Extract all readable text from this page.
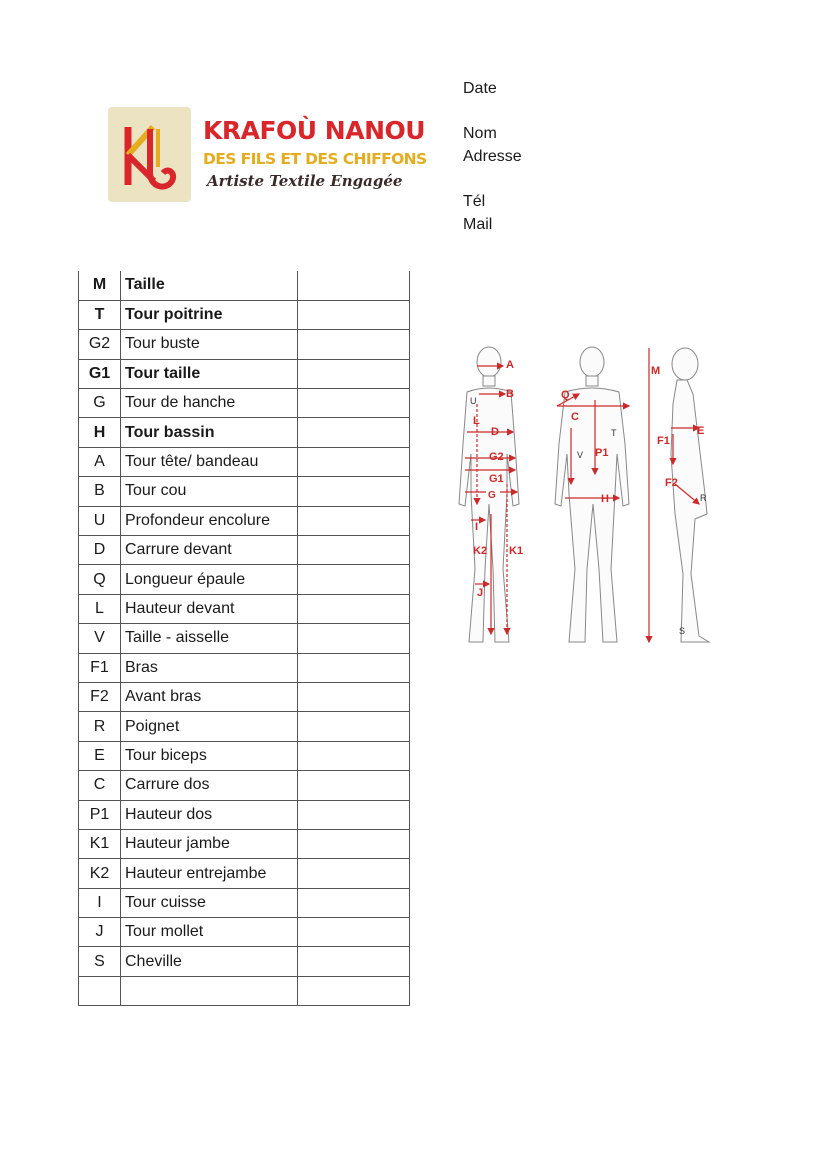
KRAFOÙ NANOU
DES FILS ET DES CHIFFONS
Artiste Textile Engagée
Date
Nom
Adresse
Tél
Mail
M	Taille	
T	Tour poitrine	
G2	Tour buste	
G1	Tour taille	
G	Tour de hanche	
H	Tour bassin	
A	Tour tête/ bandeau	
B	Tour cou	
U	Profondeur encolure	
D	Carrure devant	
Q	Longueur épaule	
L	Hauteur devant	
V	Taille - aisselle	
F1	Bras	
F2	Avant bras	
R	Poignet	
E	Tour biceps	
C	Carrure dos	
P1	Hauteur dos	
K1	Hauteur jambe	
K2	Hauteur entrejambe	
I	Tour cuisse	
J	Tour mollet	
S	Cheville	

A
B
L
D
G2
G1
I
K2 K1
J
Q
C
P1
H
M
E
F1
F2
G
U
T
V
R
S
